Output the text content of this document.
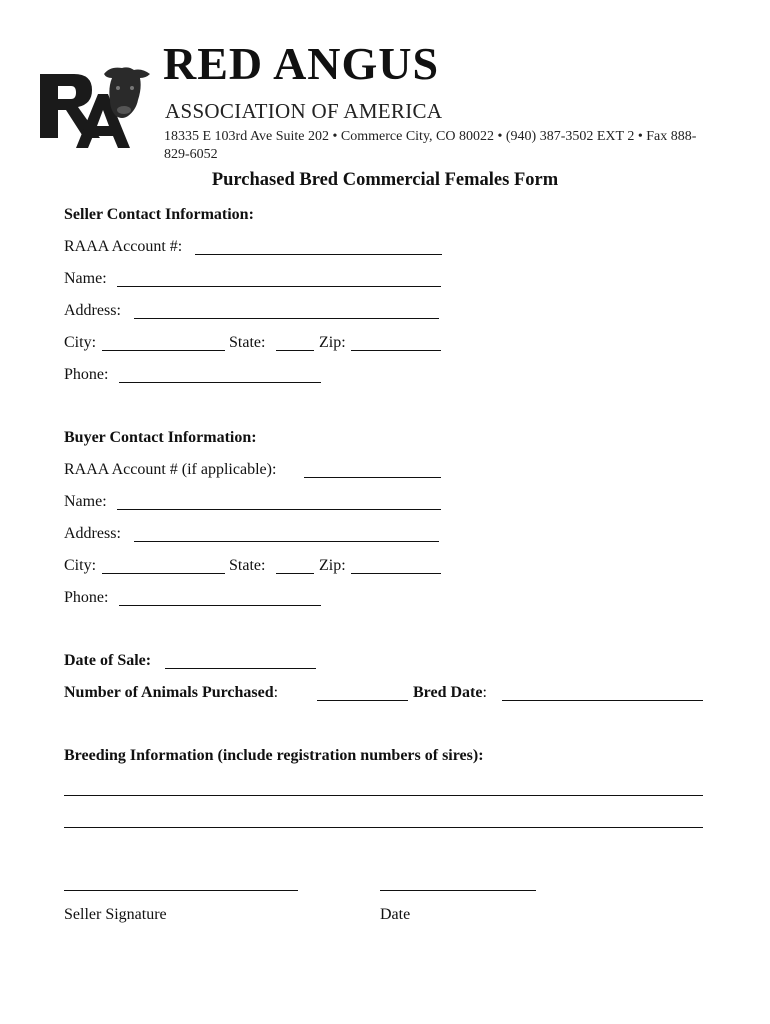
RED ANGUS
ASSOCIATION OF AMERICA
18335 E 103rd Ave Suite 202 • Commerce City, CO 80022 • (940) 387-3502 EXT 2 • Fax 888-829-6052
Purchased Bred Commercial Females Form
Seller Contact Information:
RAAA Account #:
Name:
Address:
City:	State:	Zip:
Phone:
Buyer Contact Information:
RAAA Account # (if applicable):
Name:
Address:
City:	State:	Zip:
Phone:
Date of Sale:
Number of Animals Purchased:	Bred Date:
Breeding Information (include registration numbers of sires):
Seller Signature	Date
